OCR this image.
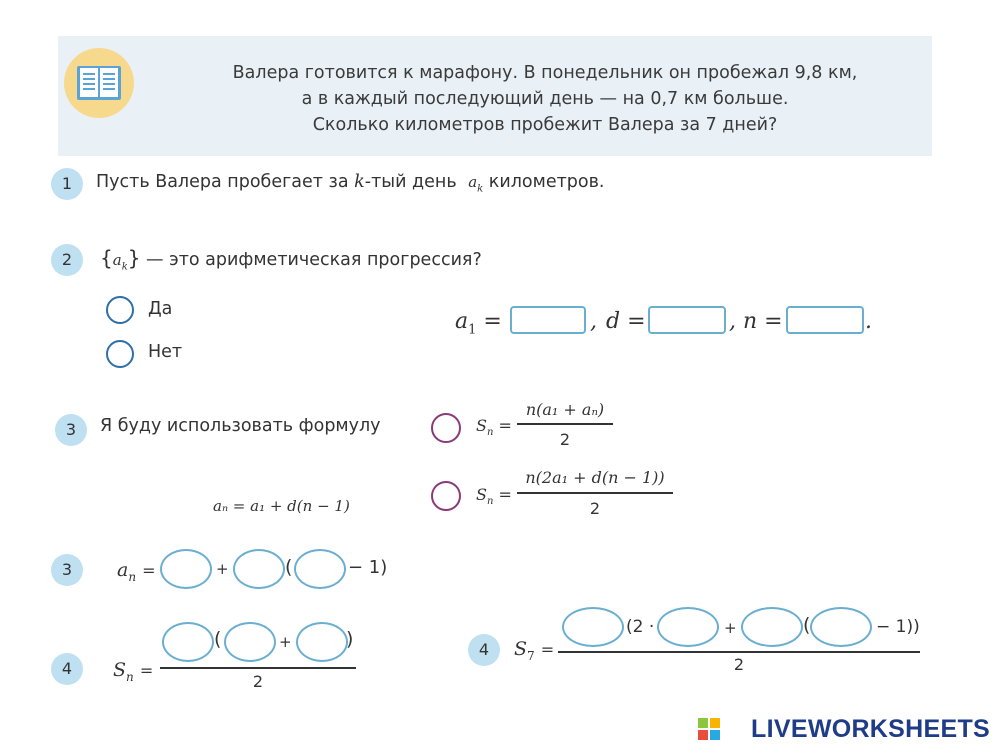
Валера готовится к марафону. В понедельник он пробежал 9,8 км,
а в каждый последующий день — на 0,7 км больше.
Сколько километров пробежит Валера за 7 дней?
1	Пусть Валера пробегает за k-тый день $a_k$ километров.
2	$\{a_k\}$ — это арифметическая прогрессия?
Да
Нет
$a_1$ =	, d =	, n =	.
3	Я буду использовать формулу	$S_n$ =
n(a₁ + aₙ)
2
$S_n$ =
n(2a₁ + d(n − 1))
2
aₙ = a₁ + d(n − 1)
3	$a_n$ =	+	(	− 1)
4	$S_n$ =
(	+	)
2
4	$S_7$ =
(2 ·	+	(	− 1))
2
LIVEWORKSHEETS
